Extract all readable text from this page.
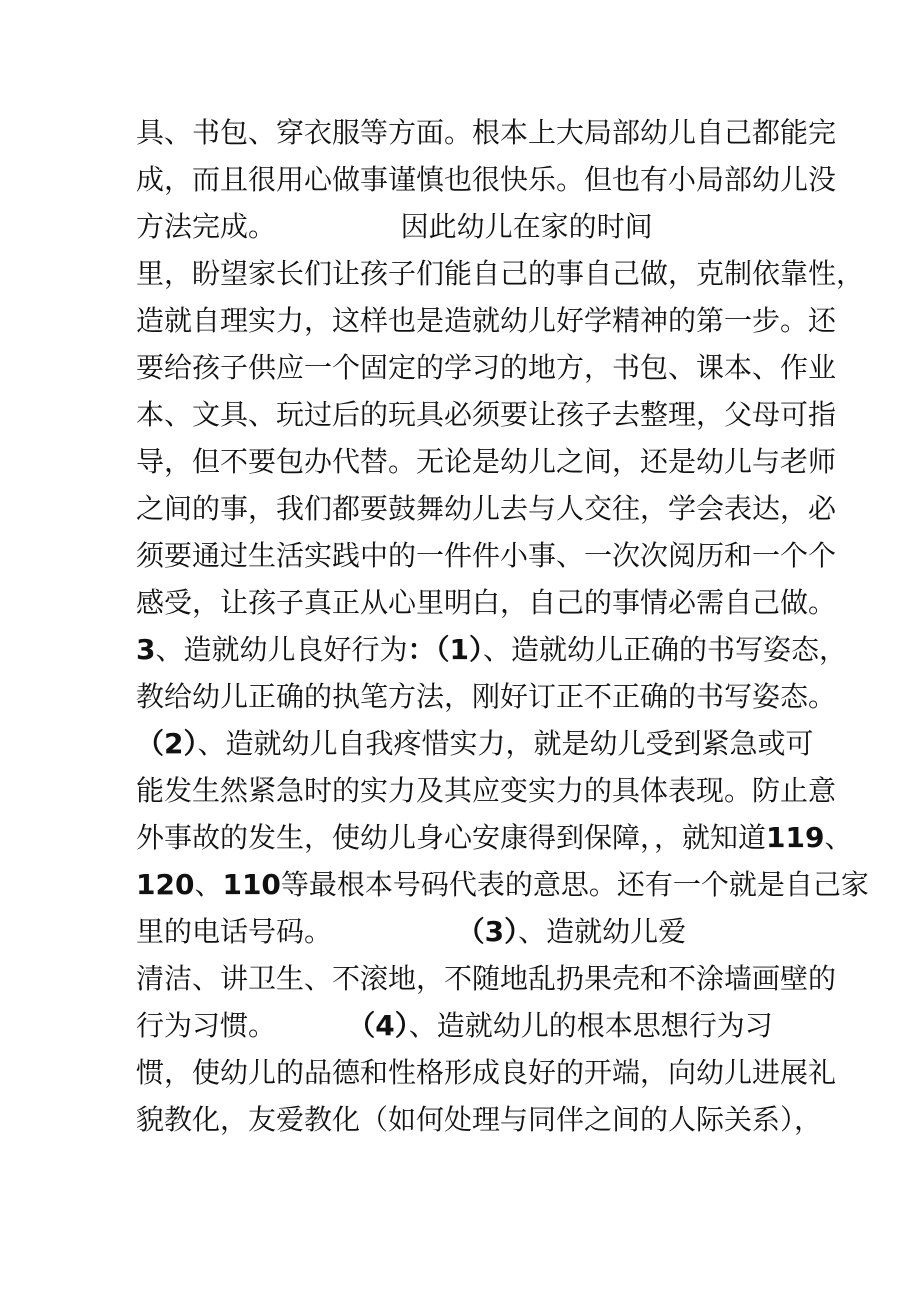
具、书包、穿衣服等方面。根本上大局部幼儿自己都能完
成，而且很用心做事谨慎也很快乐。但也有小局部幼儿没
方法完成。              因此幼儿在家的时间
里，盼望家长们让孩子们能自己的事自己做，克制依靠性，
造就自理实力，这样也是造就幼儿好学精神的第一步。还
要给孩子供应一个固定的学习的地方，书包、课本、作业
本、文具、玩过后的玩具必须要让孩子去整理，父母可指
导，但不要包办代替。无论是幼儿之间，还是幼儿与老师
之间的事，我们都要鼓舞幼儿去与人交往，学会表达，必
须要通过生活实践中的一件件小事、一次次阅历和一个个
感受，让孩子真正从心里明白，自己的事情必需自己做。
3、造就幼儿良好行为：（1）、造就幼儿正确的书写姿态，
教给幼儿正确的执笔方法，刚好订正不正确的书写姿态。
（2）、造就幼儿自我疼惜实力，就是幼儿受到紧急或可
能发生然紧急时的实力及其应变实力的具体表现。防止意
外事故的发生，使幼儿身心安康得到保障，，就知道119、
120、110等最根本号码代表的意思。还有一个就是自己家
里的电话号码。              （3）、造就幼儿爱
清洁、讲卫生、不滚地，不随地乱扔果壳和不涂墙画壁的
行为习惯。        （4）、造就幼儿的根本思想行为习
惯，使幼儿的品德和性格形成良好的开端，向幼儿进展礼
貌教化，友爱教化（如何处理与同伴之间的人际关系），
